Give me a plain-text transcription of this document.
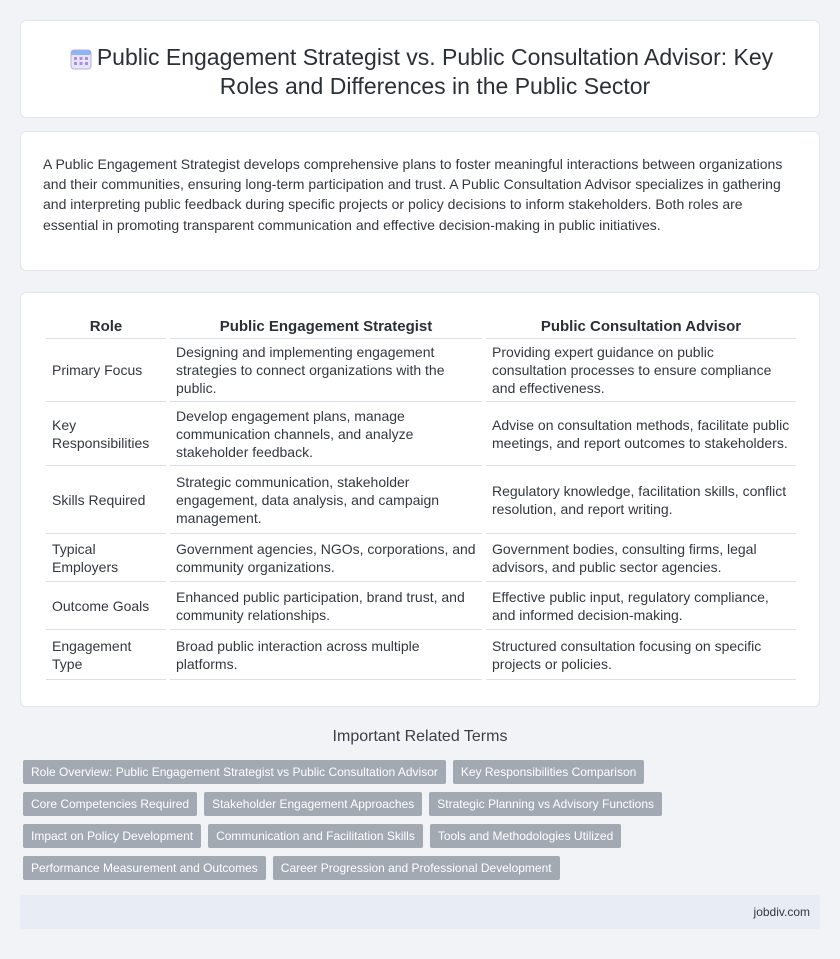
Public Engagement Strategist vs. Public Consultation Advisor: Key Roles and Differences in the Public Sector

A Public Engagement Strategist develops comprehensive plans to foster meaningful interactions between organizations and their communities, ensuring long-term participation and trust. A Public Consultation Advisor specializes in gathering and interpreting public feedback during specific projects or policy decisions to inform stakeholders. Both roles are essential in promoting transparent communication and effective decision-making in public initiatives.

Role	Public Engagement Strategist	Public Consultation Advisor
Primary Focus	Designing and implementing engagement strategies to connect organizations with the public.	Providing expert guidance on public consultation processes to ensure compliance and effectiveness.
Key Responsibilities	Develop engagement plans, manage communication channels, and analyze stakeholder feedback.	Advise on consultation methods, facilitate public meetings, and report outcomes to stakeholders.
Skills Required	Strategic communication, stakeholder engagement, data analysis, and campaign management.	Regulatory knowledge, facilitation skills, conflict resolution, and report writing.
Typical Employers	Government agencies, NGOs, corporations, and community organizations.	Government bodies, consulting firms, legal advisors, and public sector agencies.
Outcome Goals	Enhanced public participation, brand trust, and community relationships.	Effective public input, regulatory compliance, and informed decision-making.
Engagement Type	Broad public interaction across multiple platforms.	Structured consultation focusing on specific projects or policies.
Important Related Terms
Role Overview: Public Engagement Strategist vs Public Consultation Advisor	Key Responsibilities Comparison
Core Competencies Required	Stakeholder Engagement Approaches	Strategic Planning vs Advisory Functions
Impact on Policy Development	Communication and Facilitation Skills	Tools and Methodologies Utilized
Performance Measurement and Outcomes	Career Progression and Professional Development
jobdiv.com
